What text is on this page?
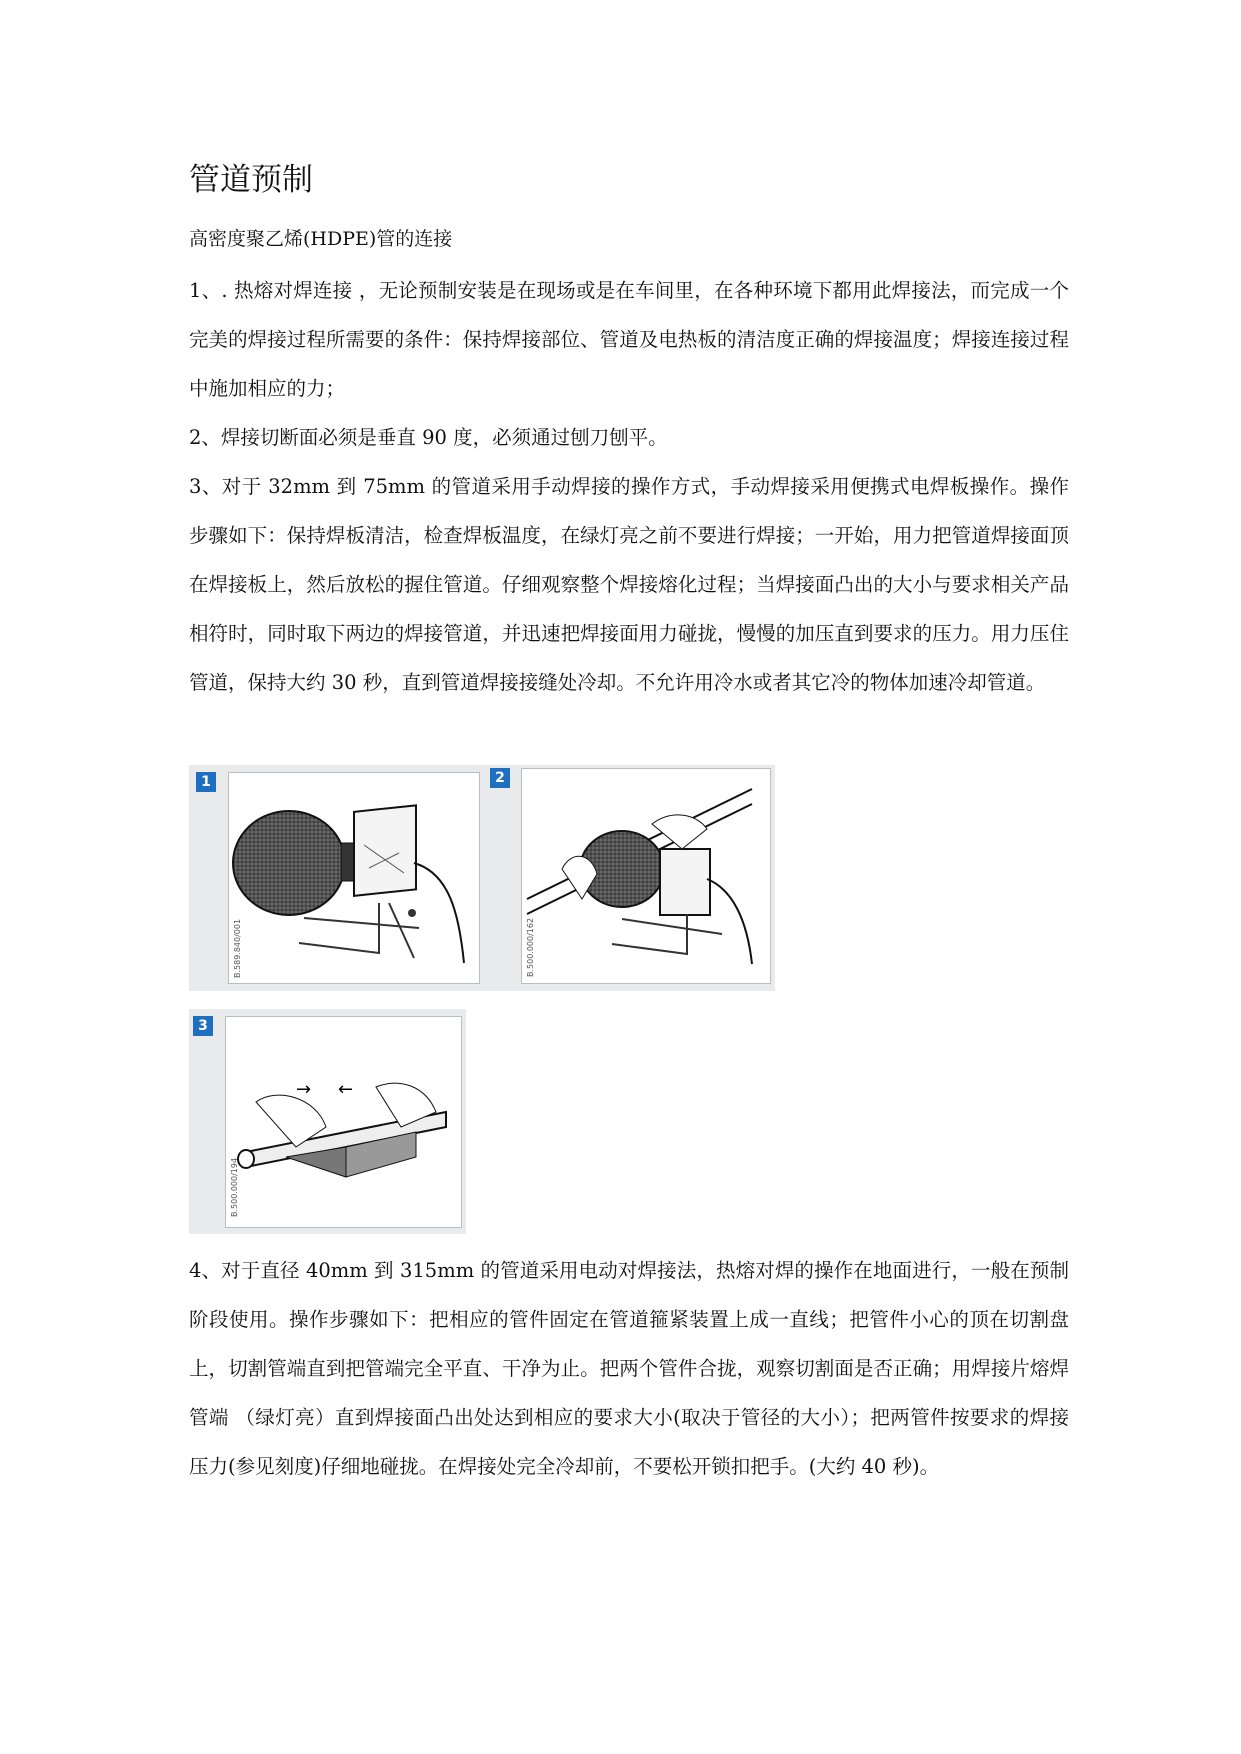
管道预制
高密度聚乙烯(HDPE)管的连接
1、. 热熔对焊连接 ，无论预制安装是在现场或是在车间里，在各种环境下都用此焊接法，而完成一个完美的焊接过程所需要的条件：保持焊接部位、管道及电热板的清洁度正确的焊接温度；焊接连接过程中施加相应的力；
2、焊接切断面必须是垂直 90 度，必须通过刨刀刨平。
3、对于 32mm 到 75mm 的管道采用手动焊接的操作方式，手动焊接采用便携式电焊板操作。操作步骤如下：保持焊板清洁，检查焊板温度，在绿灯亮之前不要进行焊接；一开始，用力把管道焊接面顶在焊接板上，然后放松的握住管道。仔细观察整个焊接熔化过程；当焊接面凸出的大小与要求相关产品相符时，同时取下两边的焊接管道，并迅速把焊接面用力碰拢，慢慢的加压直到要求的压力。用力压住管道，保持大约 30 秒，直到管道焊接接缝处冷却。不允许用冷水或者其它冷的物体加速冷却管道。
1
B.589.840/001
2
B.500.000/162
3
→ ←
B.500.000/194
4、对于直径 40mm 到 315mm 的管道采用电动对焊接法，热熔对焊的操作在地面进行，一般在预制阶段使用。操作步骤如下：把相应的管件固定在管道箍紧装置上成一直线；把管件小心的顶在切割盘上，切割管端直到把管端完全平直、干净为止。把两个管件合拢，观察切割面是否正确；用焊接片熔焊管端 （绿灯亮）直到焊接面凸出处达到相应的要求大小(取决于管径的大小）；把两管件按要求的焊接压力(参见刻度)仔细地碰拢。在焊接处完全冷却前，不要松开锁扣把手。(大约 40 秒)。
